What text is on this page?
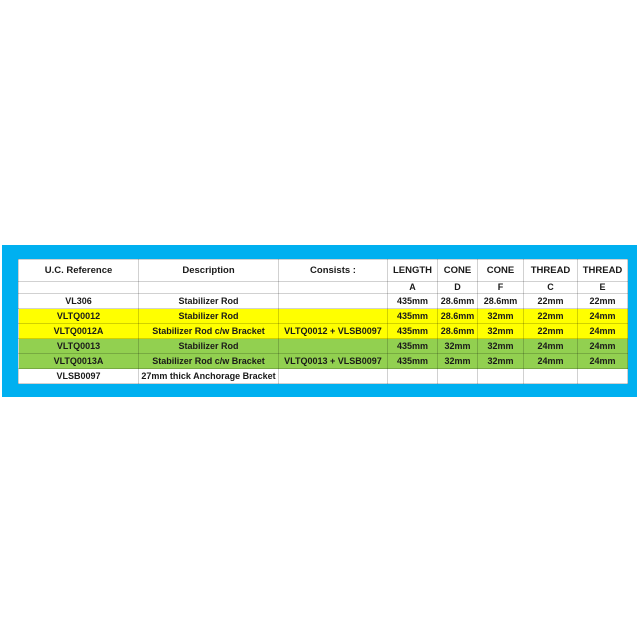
U.C. Reference	Description	Consists :	LENGTH	CONE	CONE	THREAD	THREAD
			A	D	F	C	E
VL306	Stabilizer Rod		435mm	28.6mm	28.6mm	22mm	22mm
VLTQ0012	Stabilizer Rod		435mm	28.6mm	32mm	22mm	24mm
VLTQ0012A	Stabilizer Rod c/w Bracket	VLTQ0012 + VLSB0097	435mm	28.6mm	32mm	22mm	24mm
VLTQ0013	Stabilizer Rod		435mm	32mm	32mm	24mm	24mm
VLTQ0013A	Stabilizer Rod c/w Bracket	VLTQ0013 + VLSB0097	435mm	32mm	32mm	24mm	24mm
VLSB0097	27mm thick Anchorage Bracket						
